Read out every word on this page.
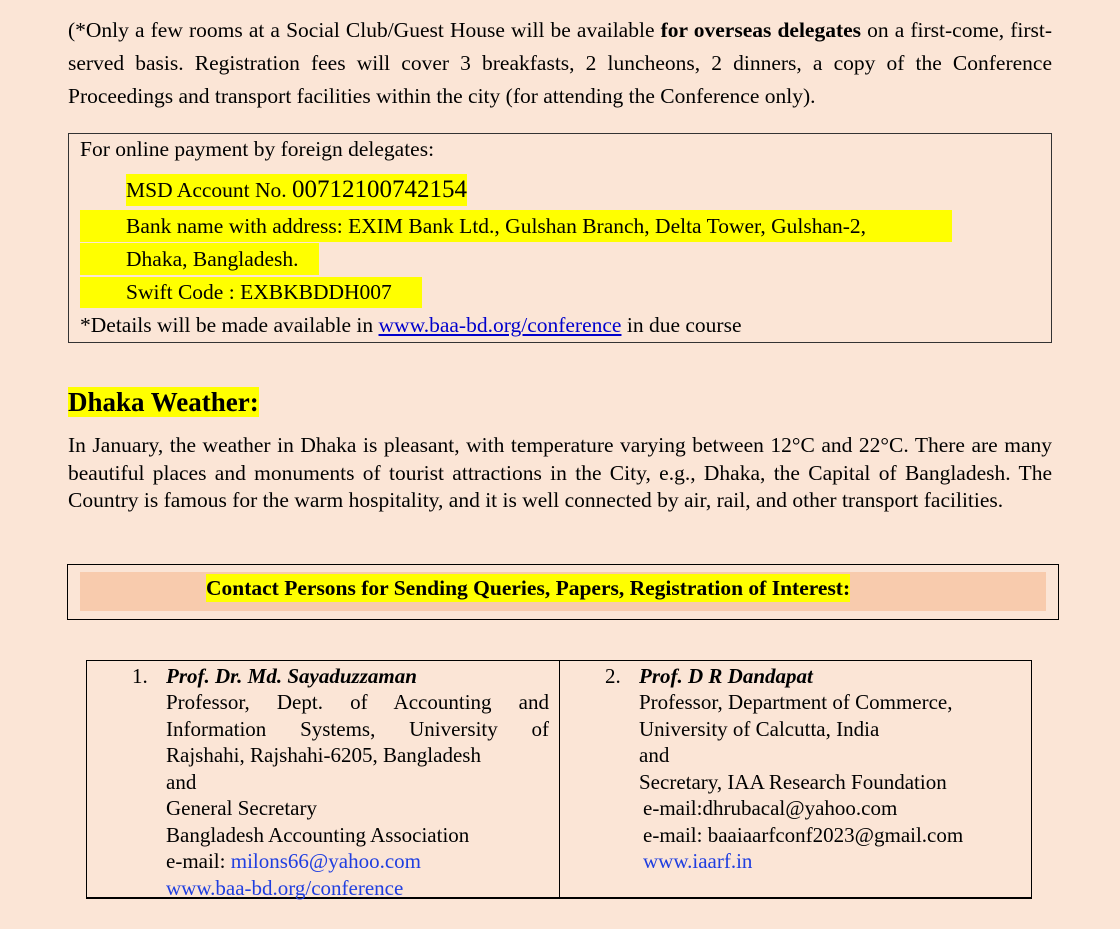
(*Only a few rooms at a Social Club/Guest House will be available for overseas delegates on a first-come, first-served basis. Registration fees will cover 3 breakfasts, 2 luncheons, 2 dinners, a copy of the Conference Proceedings and transport facilities within the city (for attending the Conference only).
For online payment by foreign delegates:
MSD Account No. 00712100742154
Bank name with address: EXIM Bank Ltd., Gulshan Branch, Delta Tower, Gulshan-2,
Dhaka, Bangladesh.
Swift Code : EXBKBDDH007
*Details will be made available in www.baa-bd.org/conference in due course
Dhaka Weather:
In January, the weather in Dhaka is pleasant, with temperature varying between 12°C and 22°C. There are many beautiful places and monuments of tourist attractions in the City, e.g., Dhaka, the Capital of Bangladesh. The Country is famous for the warm hospitality, and it is well connected by air, rail, and other transport facilities.
Contact Persons for Sending Queries, Papers, Registration of Interest:
1. Prof. Dr. Md. Sayaduzzaman
Professor, Dept. of Accounting and
Information Systems, University of
Rajshahi, Rajshahi-6205, Bangladesh
and
General Secretary
Bangladesh Accounting Association
e-mail: milons66@yahoo.com
www.baa-bd.org/conference
2. Prof. D R Dandapat
Professor, Department of Commerce,
University of Calcutta, India
and
Secretary, IAA Research Foundation
e-mail:dhrubacal@yahoo.com
e-mail: baaiaarfconf2023@gmail.com
www.iaarf.in
